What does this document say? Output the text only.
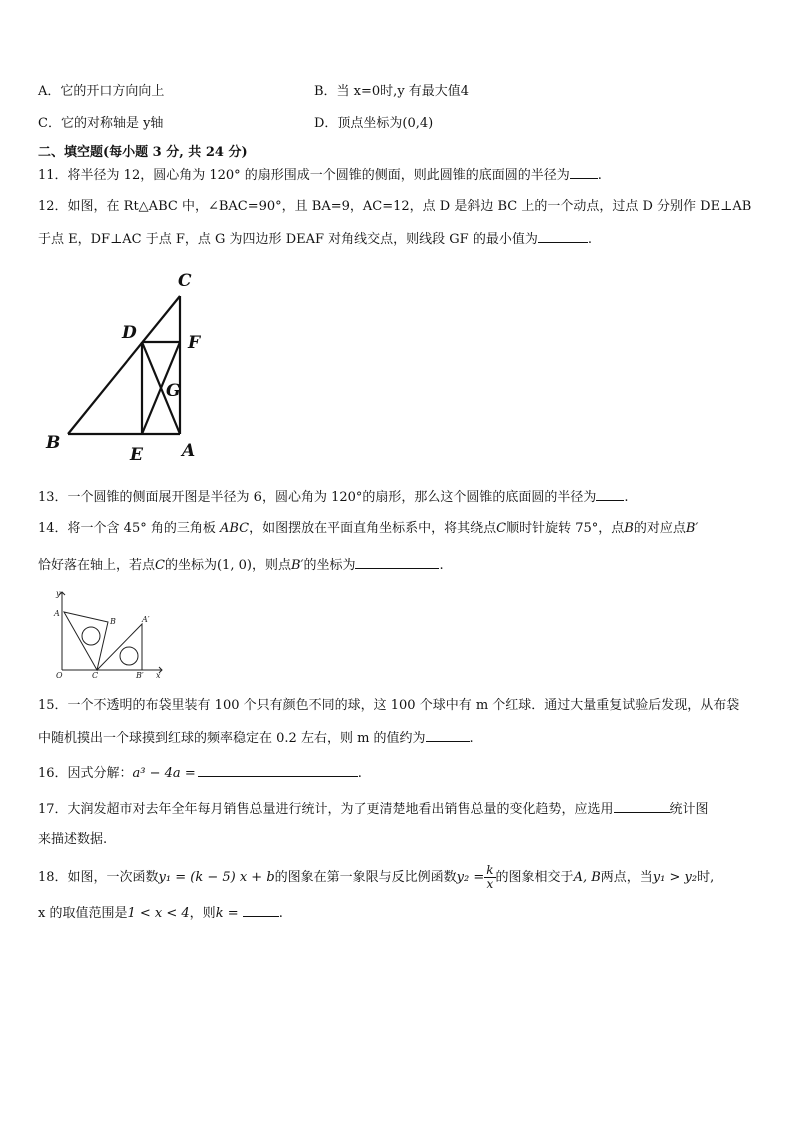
A．它的开口方向向上	B．当 x=0时,y 有最大值4
C．它的对称轴是 y轴	D．顶点坐标为(0,4)
二、填空题(每小题 3 分, 共 24 分)
11．将半径为 12，圆心角为 120° 的扇形围成一个圆锥的侧面，则此圆锥的底面圆的半径为 .
12．如图，在 Rt△ABC 中，∠BAC=90°，且 BA=9，AC=12，点 D 是斜边 BC 上的一个动点，过点 D 分别作 DE⊥AB
于点 E，DF⊥AC 于点 F，点 G 为四边形 DEAF 对角线交点，则线段 GF 的最小值为	.
C
D	F
G
B
E A
13．一个圆锥的侧面展开图是半径为 6，圆心角为 120°的扇形，那么这个圆锥的底面圆的半径为 .
14．将一个含 45° 角的三角板 ABC，如图摆放在平面直角坐标系中，将其绕点C顺时针旋转 75°，点B的对应点B′
恰好落在轴上，若点C的坐标为(1, 0)，则点B′的坐标为	.
y
A
B	A′
O	C	B′ x
15．一个不透明的布袋里装有 100 个只有颜色不同的球，这 100 个球中有 m 个红球．通过大量重复试验后发现，从布袋
中随机摸出一个球摸到红球的频率稳定在 0.2 左右，则 m 的值约为	.
16．因式分解：a³ − 4a =	.
17．大润发超市对去年全年每月销售总量进行统计，为了更清楚地看出销售总量的变化趋势，应选用	统计图
来描述数据.
18．如图，一次函数y₁ = (k − 5) x + b的图象在第一象限与反比例函数$y_2 = \frac{k}{x}$ 的图象相交于A, B两点，当y₁ > y₂时,
x 的取值范围是1 < x < 4，则k =	.
